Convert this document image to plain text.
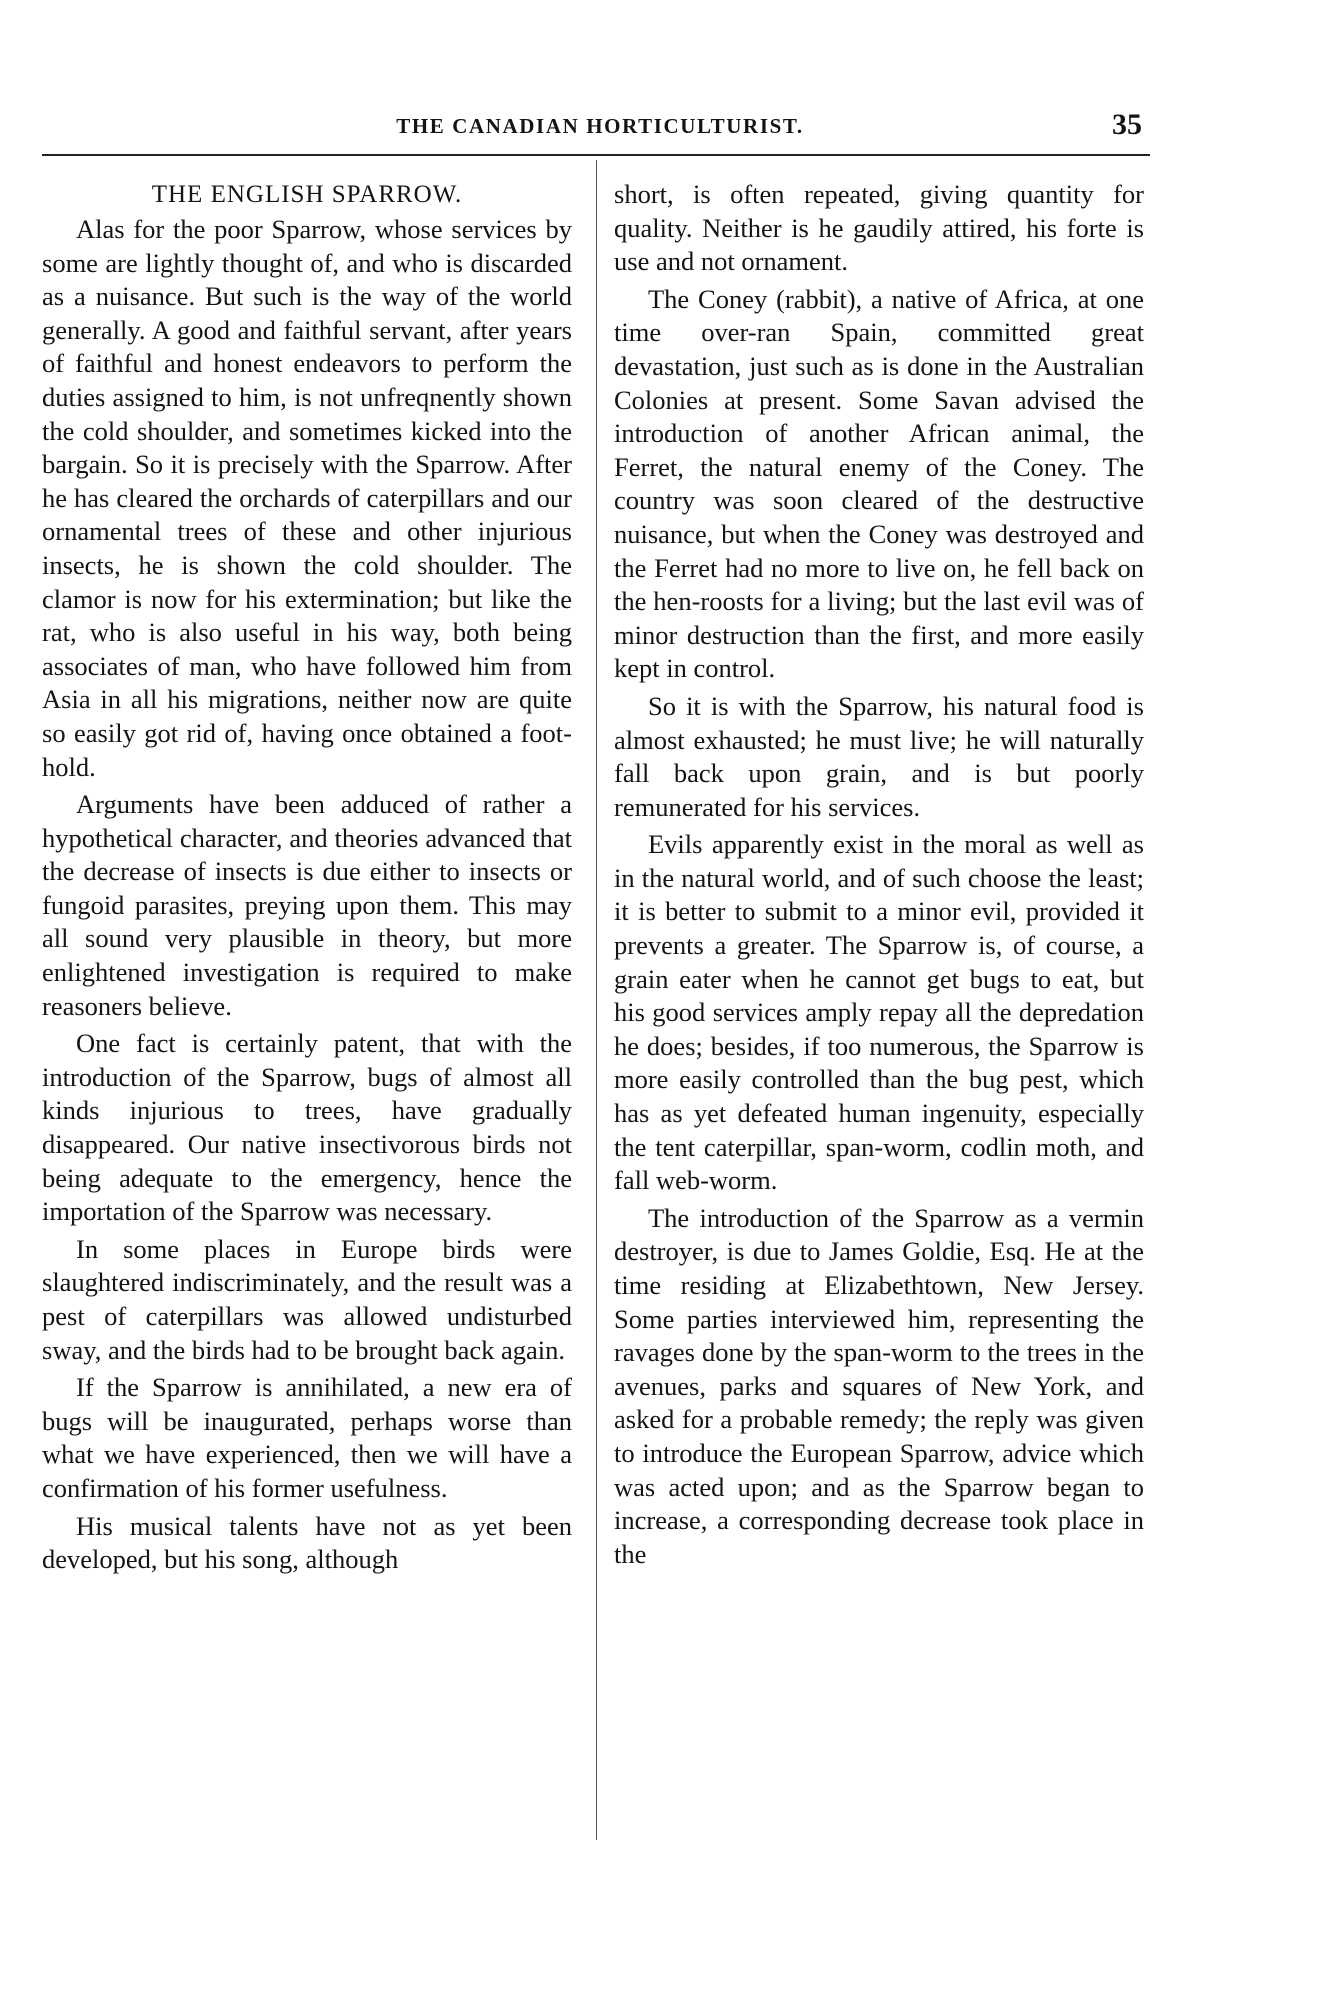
THE CANADIAN HORTICULTURIST.	35
THE ENGLISH SPARROW.

Alas for the poor Sparrow, whose services by some are lightly thought of, and who is discarded as a nuisance. But such is the way of the world generally. A good and faithful servant, after years of faithful and honest endeavors to perform the duties assigned to him, is not unfreqnently shown the cold shoulder, and sometimes kicked into the bargain. So it is precisely with the Sparrow. After he has cleared the orchards of caterpillars and our ornamental trees of these and other injurious insects, he is shown the cold shoulder. The clamor is now for his extermination; but like the rat, who is also useful in his way, both being associates of man, who have followed him from Asia in all his migrations, neither now are quite so easily got rid of, having once obtained a foot-hold.

Arguments have been adduced of rather a hypothetical character, and theories advanced that the decrease of insects is due either to insects or fungoid parasites, preying upon them. This may all sound very plausible in theory, but more enlightened investigation is required to make reasoners believe.

One fact is certainly patent, that with the introduction of the Sparrow, bugs of almost all kinds injurious to trees, have gradually disappeared. Our native insectivorous birds not being adequate to the emergency, hence the importation of the Sparrow was necessary.

In some places in Europe birds were slaughtered indiscriminately, and the result was a pest of caterpillars was allowed undisturbed sway, and the birds had to be brought back again.

If the Sparrow is annihilated, a new era of bugs will be inaugurated, perhaps worse than what we have experienced, then we will have a confirmation of his former usefulness.

His musical talents have not as yet been developed, but his song, although

short, is often repeated, giving quantity for quality. Neither is he gaudily attired, his forte is use and not ornament.

The Coney (rabbit), a native of Africa, at one time over-ran Spain, committed great devastation, just such as is done in the Australian Colonies at present. Some Savan advised the introduction of another African animal, the Ferret, the natural enemy of the Coney. The country was soon cleared of the destructive nuisance, but when the Coney was destroyed and the Ferret had no more to live on, he fell back on the hen-roosts for a living; but the last evil was of minor destruction than the first, and more easily kept in control.

So it is with the Sparrow, his natural food is almost exhausted; he must live; he will naturally fall back upon grain, and is but poorly remunerated for his services.

Evils apparently exist in the moral as well as in the natural world, and of such choose the least; it is better to submit to a minor evil, provided it prevents a greater. The Sparrow is, of course, a grain eater when he cannot get bugs to eat, but his good services amply repay all the depredation he does; besides, if too numerous, the Sparrow is more easily controlled than the bug pest, which has as yet defeated human ingenuity, especially the tent caterpillar, span-worm, codlin moth, and fall web-worm.

The introduction of the Sparrow as a vermin destroyer, is due to James Goldie, Esq. He at the time residing at Elizabethtown, New Jersey. Some parties interviewed him, representing the ravages done by the span-worm to the trees in the avenues, parks and squares of New York, and asked for a probable remedy; the reply was given to introduce the European Sparrow, advice which was acted upon; and as the Sparrow began to increase, a corresponding decrease took place in the
